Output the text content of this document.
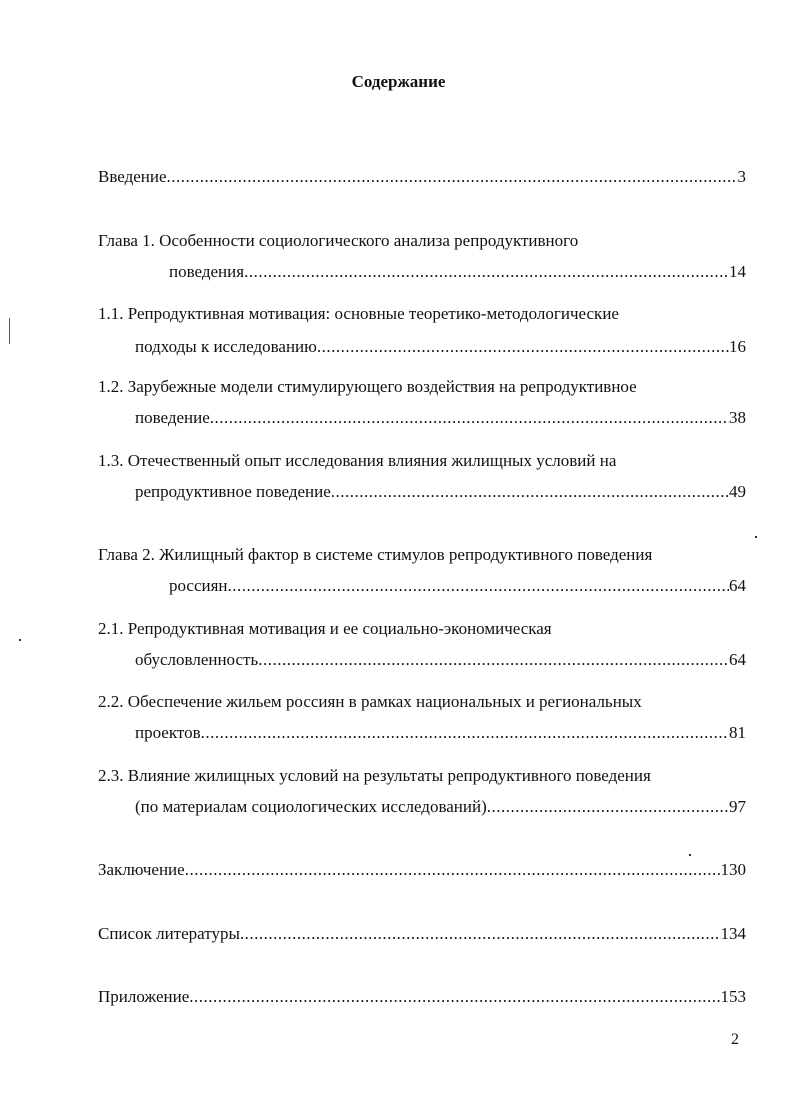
Содержание
Введение .....	3
Глава 1. Особенности социологического анализа репродуктивного
поведения .....	14
1.1. Репродуктивная мотивация: основные теоретико-методологические
подходы к исследованию .....	16
1.2. Зарубежные модели стимулирующего воздействия на репродуктивное
поведение .....	38
1.3. Отечественный опыт исследования влияния жилищных условий на
репродуктивное поведение .....	49
Глава 2. Жилищный фактор в системе стимулов репродуктивного поведения
россиян .....	64
2.1. Репродуктивная мотивация и ее социально-экономическая
обусловленность .....	64
2.2. Обеспечение жильем россиян в рамках национальных и региональных
проектов .....	81
2.3. Влияние жилищных условий на результаты репродуктивного поведения
(по материалам социологических исследований) .....	97
Заключение .....	130
Список литературы .....	134
Приложение .....	153
2
